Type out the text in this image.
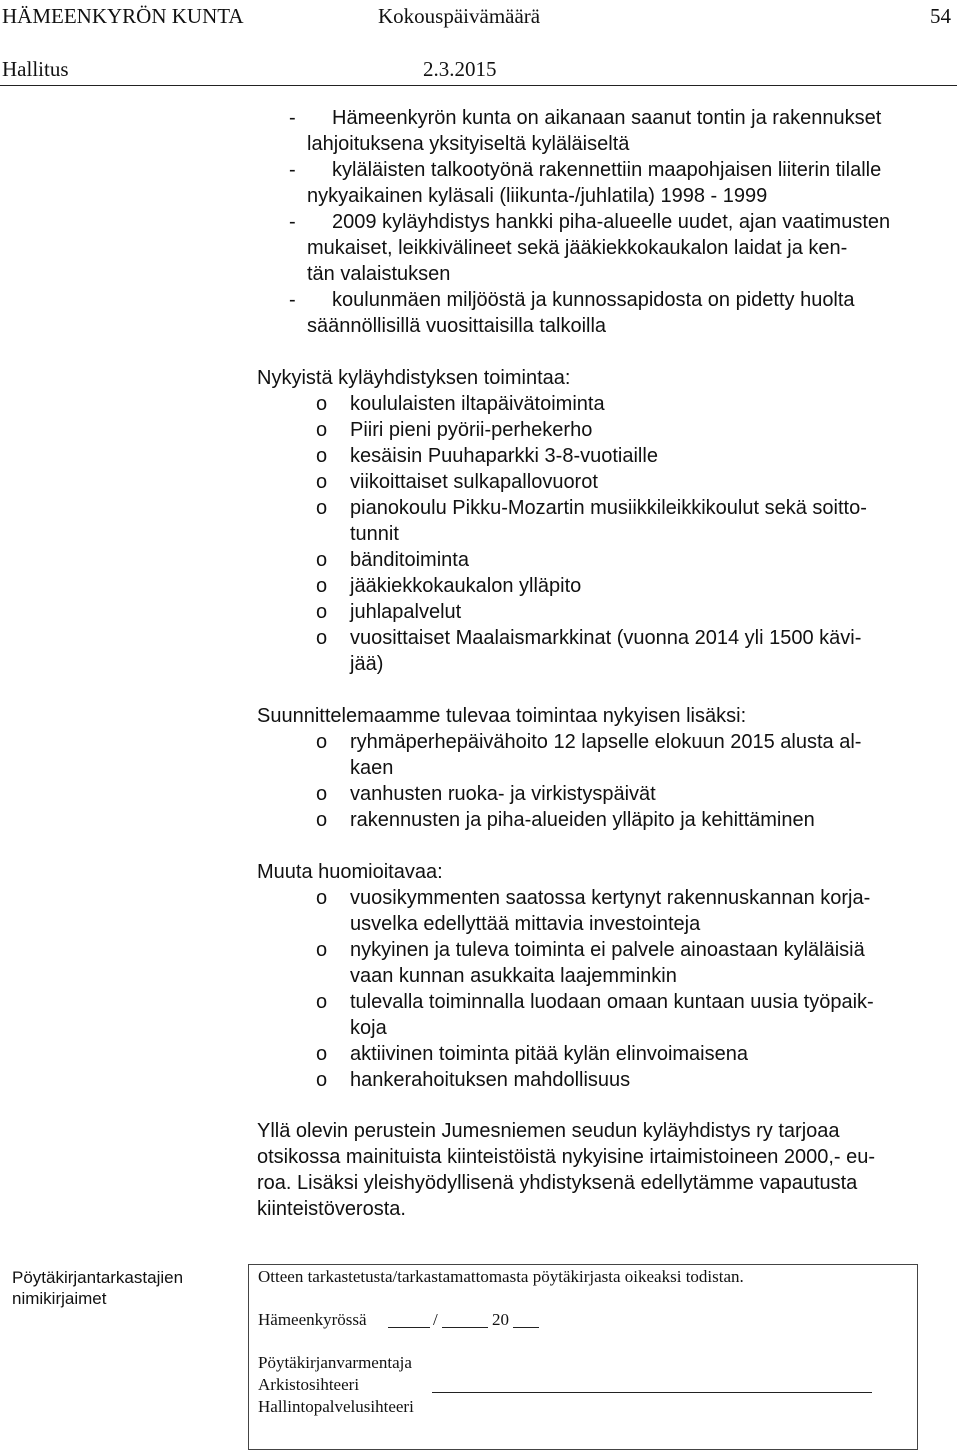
HÄMEENKYRÖN KUNTA	Kokouspäivämäärä	54
Hallitus	2.3.2015
- Hämeenkyrön kunta on aikanaan saanut tontin ja rakennukset
lahjoituksena yksityiseltä kyläläiseltä
- kyläläisten talkootyönä rakennettiin maapohjaisen liiterin tilalle
nykyaikainen kyläsali (liikunta-/juhlatila) 1998 - 1999
- 2009 kyläyhdistys hankki piha-alueelle uudet, ajan vaatimusten
mukaiset, leikkivälineet sekä jääkiekkokaukalon laidat ja ken-
tän valaistuksen
- koulunmäen miljööstä ja kunnossapidosta on pidetty huolta
säännöllisillä vuosittaisilla talkoilla
Nykyistä kyläyhdistyksen toimintaa:
o koululaisten iltapäivätoiminta
o Piiri pieni pyörii-perhekerho
o kesäisin Puuhaparkki 3-8-vuotiaille
o viikoittaiset sulkapallovuorot
o pianokoulu Pikku-Mozartin musiikkileikkikoulut sekä soitto-
tunnit
o bänditoiminta
o jääkiekkokaukalon ylläpito
o juhlapalvelut
o vuosittaiset Maalaismarkkinat (vuonna 2014 yli 1500 kävi-
jää)
Suunnittelemaamme tulevaa toimintaa nykyisen lisäksi:
o ryhmäperhepäivähoito 12 lapselle elokuun 2015 alusta al-
kaen
o vanhusten ruoka- ja virkistyspäivät
o rakennusten ja piha-alueiden ylläpito ja kehittäminen
Muuta huomioitavaa:
o vuosikymmenten saatossa kertynyt rakennuskannan korja-
usvelka edellyttää mittavia investointeja
o nykyinen ja tuleva toiminta ei palvele ainoastaan kyläläisiä
vaan kunnan asukkaita laajemminkin
o tulevalla toiminnalla luodaan omaan kuntaan uusia työpaik-
koja
o aktiivinen toiminta pitää kylän elinvoimaisena
o hankerahoituksen mahdollisuus
Yllä olevin perustein Jumesniemen seudun kyläyhdistys ry tarjoaa
otsikossa mainituista kiinteistöistä nykyisine irtaimistoineen 2000,- eu-
roa. Lisäksi yleishyödyllisenä yhdistyksenä edellytämme vapautusta
kiinteistöverosta.
Pöytäkirjantarkastajien
nimikirjaimet
Otteen tarkastetusta/tarkastamattomasta pöytäkirjasta oikeaksi todistan.
Hämeenkyrössä	/	20
Pöytäkirjanvarmentaja
Arkistosihteeri
Hallintopalvelusihteeri
